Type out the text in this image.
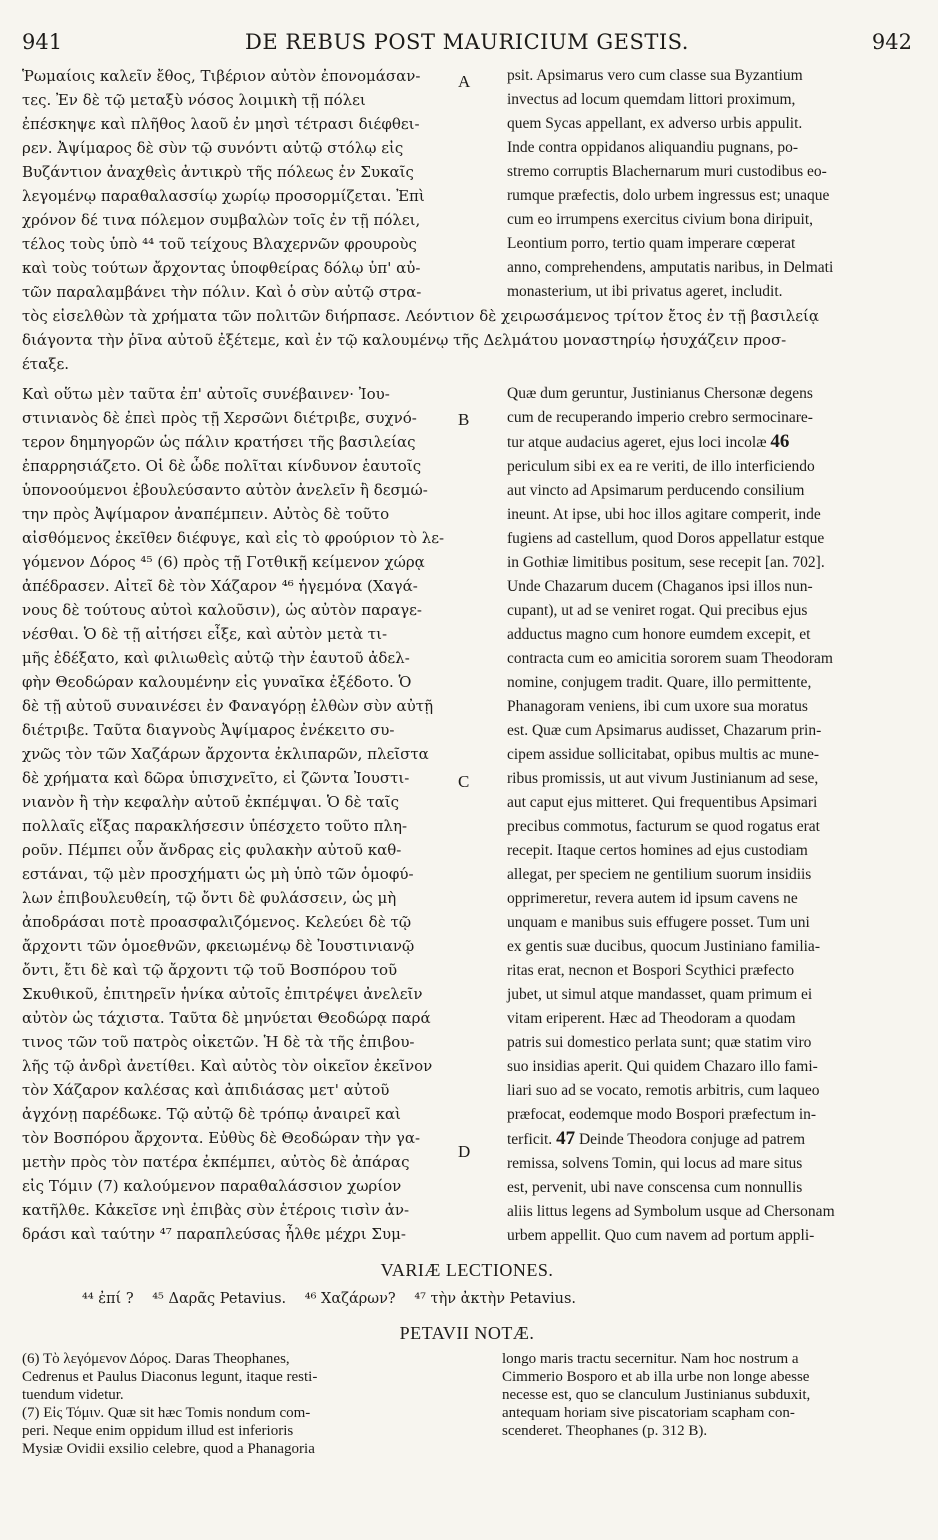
941	DE REBUS POST MAURICIUM GESTIS.	942
Ῥωμαίοις καλεῖν ἔθος, Τιβέριον αὐτὸν ἐπονομάσαν-
τες. Ἐν δὲ τῷ μεταξὺ νόσος λοιμικὴ τῇ πόλει
ἐπέσκηψε καὶ πλῆθος λαοῦ ἐν μησὶ τέτρασι διέφθει-
ρεν. Ἀψίμαρος δὲ σὺν τῷ συνόντι αὐτῷ στόλῳ εἰς
Βυζάντιον ἀναχθεὶς ἀντικρὺ τῆς πόλεως ἐν Συκαῖς
λεγομένῳ παραθαλασσίῳ χωρίῳ προσορμίζεται. Ἐπὶ
χρόνον δέ τινα πόλεμον συμβαλὼν τοῖς ἐν τῇ πόλει,
τέλος τοὺς ὑπὸ ⁴⁴ τοῦ τείχους Βλαχερνῶν φρουροὺς
καὶ τοὺς τούτων ἄρχοντας ὑποφθείρας δόλῳ ὑπ' αὐ-
τῶν παραλαμβάνει τὴν πόλιν. Καὶ ὁ σὺν αὐτῷ στρα-
A psit. Apsimarus vero cum classe sua Byzantium
invectus ad locum quemdam littori proximum,
quem Sycas appellant, ex adverso urbis appulit.
Inde contra oppidanos aliquandiu pugnans, po-
stremo corruptis Blachernarum muri custodibus eo-
rumque præfectis, dolo urbem ingressus est; unaque
cum eo irrumpens exercitus civium bona diripuit,
Leontium porro, tertio quam imperare cœperat
anno, comprehendens, amputatis naribus, in Delmati
monasterium, ut ibi privatus ageret, includit.
τὸς εἰσελθὼν τὰ χρήματα τῶν πολιτῶν διήρπασε. Λεόντιον δὲ χειρωσάμενος τρίτον ἔτος ἐν τῇ βασιλείᾳ
διάγοντα τὴν ῥῖνα αὐτοῦ ἐξέτεμε, καὶ ἐν τῷ καλουμένῳ τῆς Δελμάτου μοναστηρίῳ ἡσυχάζειν προσ-
έταξε.
Καὶ οὕτω μὲν ταῦτα ἐπ' αὐτοῖς συνέβαινεν· Ἰου-
στινιανὸς δὲ ἐπεὶ πρὸς τῇ Χερσῶνι διέτριβε, συχνό-
τερον δημηγορῶν ὡς πάλιν κρατήσει τῆς βασιλείας
ἐπαρρησιάζετο. Οἱ δὲ ὧδε πολῖται κίνδυνον ἑαυτοῖς
ὑπονοούμενοι ἐβουλεύσαντο αὐτὸν ἀνελεῖν ἢ δεσμώ-
την πρὸς Ἀψίμαρον ἀναπέμπειν. Αὐτὸς δὲ τοῦτο
αἰσθόμενος ἐκεῖθεν διέφυγε, καὶ εἰς τὸ φρούριον τὸ λε-
γόμενον Δόρος ⁴⁵ (6) πρὸς τῇ Γοτθικῇ κείμενον χώρᾳ
ἀπέδρασεν. Αἰτεῖ δὲ τὸν Χάζαρον ⁴⁶ ἡγεμόνα (Χαγά-
νους δὲ τούτους αὐτοὶ καλοῦσιν), ὡς αὐτὸν παραγε-
νέσθαι. Ὁ δὲ τῇ αἰτήσει εἶξε, καὶ αὐτὸν μετὰ τι-
μῆς ἐδέξατο, καὶ φιλιωθεὶς αὐτῷ τὴν ἑαυτοῦ ἀδελ-
φὴν Θεοδώραν καλουμένην εἰς γυναῖκα ἐξέδοτο. Ὁ
δὲ τῇ αὐτοῦ συναινέσει ἐν Φαναγόρῃ ἐλθὼν σὺν αὐτῇ
διέτριβε. Ταῦτα διαγνοὺς Ἀψίμαρος ἐνέκειτο συ-
χνῶς τὸν τῶν Χαζάρων ἄρχοντα ἐκλιπαρῶν, πλεῖστα
δὲ χρήματα καὶ δῶρα ὑπισχνεῖτο, εἰ ζῶντα Ἰουστι-
νιανὸν ἢ τὴν κεφαλὴν αὐτοῦ ἐκπέμψαι. Ὁ δὲ ταῖς
πολλαῖς εἴξας παρακλήσεσιν ὑπέσχετο τοῦτο πλη-
ροῦν. Πέμπει οὖν ἄνδρας εἰς φυλακὴν αὐτοῦ καθ-
εστάναι, τῷ μὲν προσχήματι ὡς μὴ ὑπὸ τῶν ὁμοφύ-
λων ἐπιβουλευθείη, τῷ ὄντι δὲ φυλάσσειν, ὡς μὴ
ἀποδράσαι ποτὲ προασφαλιζόμενος. Κελεύει δὲ τῷ
ἄρχοντι τῶν ὁμοεθνῶν, φκειωμένῳ δὲ Ἰουστινιανῷ
ὄντι, ἔτι δὲ καὶ τῷ ἄρχοντι τῷ τοῦ Βοσπόρου τοῦ
Σκυθικοῦ, ἐπιτηρεῖν ἡνίκα αὐτοῖς ἐπιτρέψει ἀνελεῖν
αὐτὸν ὡς τάχιστα. Ταῦτα δὲ μηνύεται Θεοδώρᾳ παρά
τινος τῶν τοῦ πατρὸς οἰκετῶν. Ἡ δὲ τὰ τῆς ἐπιβου-
λῆς τῷ ἀνδρὶ ἀνετίθει. Καὶ αὐτὸς τὸν οἰκεῖον ἐκεῖνον
τὸν Χάζαρον καλέσας καὶ ἀπιδιάσας μετ' αὐτοῦ
ἀγχόνῃ παρέδωκε. Τῷ αὐτῷ δὲ τρόπῳ ἀναιρεῖ καὶ
τὸν Βοσπόρου ἄρχοντα. Εὐθὺς δὲ Θεοδώραν τὴν γα-
μετὴν πρὸς τὸν πατέρα ἐκπέμπει, αὐτὸς δὲ ἀπάρας
εἰς Τόμιν (7) καλούμενον παραθαλάσσιον χωρίον
κατῆλθε. Κἀκεῖσε νηὶ ἐπιβὰς σὺν ἑτέροις τισὶν ἀν-
δράσι καὶ ταύτην ⁴⁷ παραπλεύσας ἦλθε μέχρι Συμ-
B
C
D
Quæ dum geruntur, Justinianus Chersonæ degens
cum de recuperando imperio crebro sermocinare-
tur atque audacius ageret, ejus loci incolæ 46
periculum sibi ex ea re veriti, de illo interficiendo
aut vincto ad Apsimarum perducendo consilium
ineunt. At ipse, ubi hoc illos agitare comperit, inde
fugiens ad castellum, quod Doros appellatur estque
in Gothiæ limitibus positum, sese recepit [an. 702].
Unde Chazarum ducem (Chaganos ipsi illos nun-
cupant), ut ad se veniret rogat. Qui precibus ejus
adductus magno cum honore eumdem excepit, et
contracta cum eo amicitia sororem suam Theodoram
nomine, conjugem tradit. Quare, illo permittente,
Phanagoram veniens, ibi cum uxore sua moratus
est. Quæ cum Apsimarus audisset, Chazarum prin-
cipem assidue sollicitabat, opibus multis ac mune-
ribus promissis, ut aut vivum Justinianum ad sese,
aut caput ejus mitteret. Qui frequentibus Apsimari
precibus commotus, facturum se quod rogatus erat
recepit. Itaque certos homines ad ejus custodiam
allegat, per speciem ne gentilium suorum insidiis
opprimeretur, revera autem id ipsum cavens ne
unquam e manibus suis effugere posset. Tum uni
ex gentis suæ ducibus, quocum Justiniano familia-
ritas erat, necnon et Bospori Scythici præfecto
jubet, ut simul atque mandasset, quam primum ei
vitam eriperent. Hæc ad Theodoram a quodam
patris sui domestico perlata sunt; quæ statim viro
suo insidias aperit. Qui quidem Chazaro illo fami-
liari suo ad se vocato, remotis arbitris, cum laqueo
præfocat, eodemque modo Bospori præfectum in-
terficit. 47 Deinde Theodora conjuge ad patrem
remissa, solvens Tomin, qui locus ad mare situs
est, pervenit, ubi nave conscensa cum nonnullis
aliis littus legens ad Symbolum usque ad Chersonam
urbem appellit. Quo cum navem ad portum appli-
VARIÆ LECTIONES.
⁴⁴ ἐπί ? ⁴⁵ Δαρᾶς Petavius. ⁴⁶ Χαζάρων? ⁴⁷ τὴν ἀκτὴν Petavius.
PETAVII NOTÆ.
(6) Τὸ λεγόμενον Δόρος. Daras Theophanes,
Cedrenus et Paulus Diaconus legunt, itaque resti-
tuendum videtur.
(7) Εἰς Τόμιν. Quæ sit hæc Tomis nondum com-
peri. Neque enim oppidum illud est inferioris
Mysiæ Ovidii exsilio celebre, quod a Phanagoria
longo maris tractu secernitur. Nam hoc nostrum a
Cimmerio Bosporo et ab illa urbe non longe abesse
necesse est, quo se clanculum Justinianus subduxit,
antequam horiam sive piscatoriam scapham con-
scenderet. Theophanes (p. 312 B).
